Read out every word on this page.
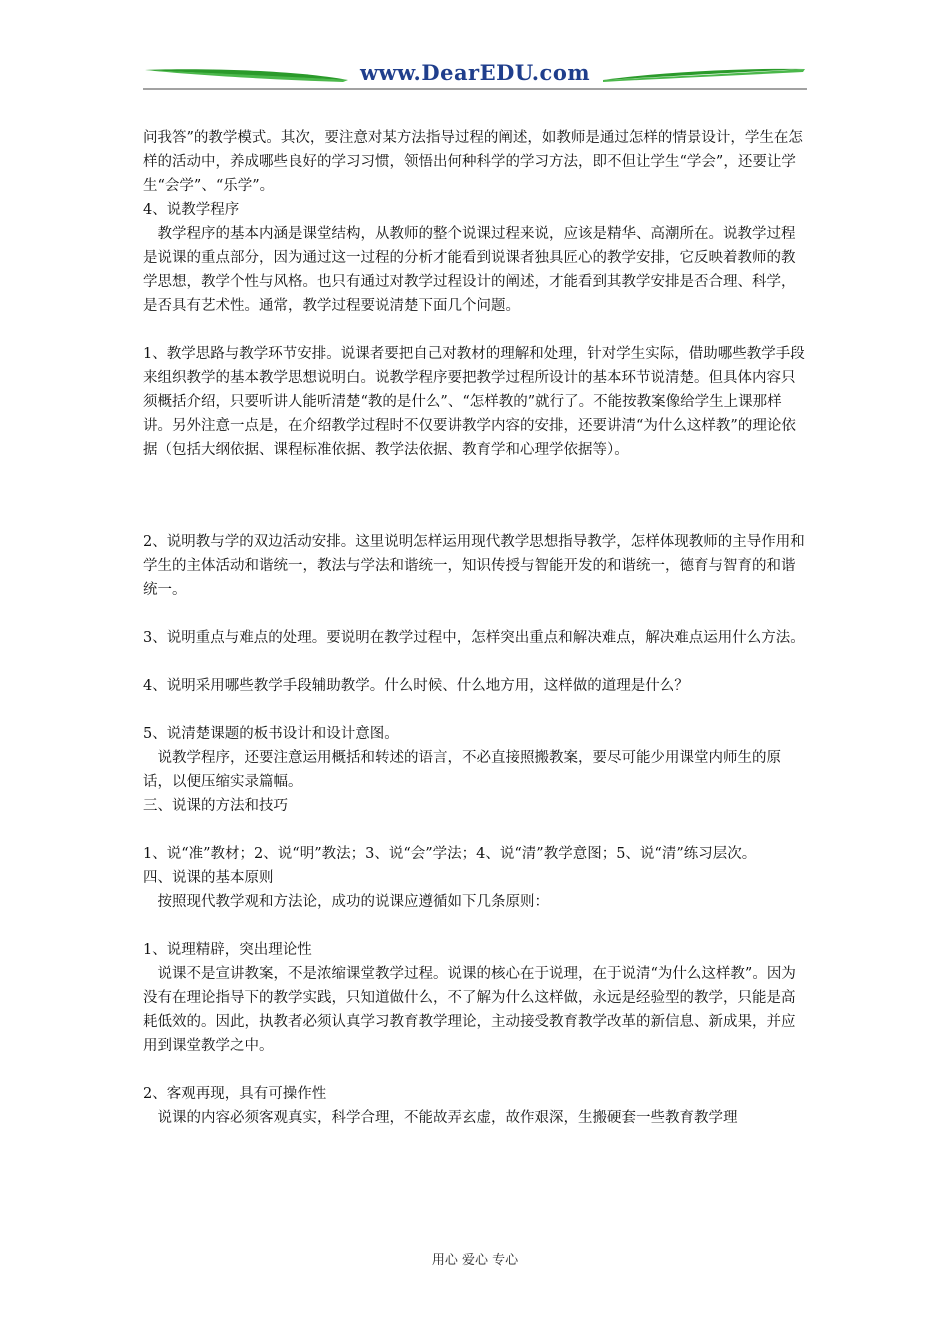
www.DearEDU.com

问我答”的教学模式。其次，要注意对某方法指导过程的阐述，如教师是通过怎样的情景设计，学生在怎样的活动中，养成哪些良好的学习习惯，领悟出何种科学的学习方法，即不但让学生“学会”，还要让学生“会学”、“乐学”。

4、说教学程序

教学程序的基本内涵是课堂结构，从教师的整个说课过程来说，应该是精华、高潮所在。说教学过程是说课的重点部分，因为通过这一过程的分析才能看到说课者独具匠心的教学安排，它反映着教师的教学思想，教学个性与风格。也只有通过对教学过程设计的阐述，才能看到其教学安排是否合理、科学，是否具有艺术性。通常，教学过程要说清楚下面几个问题。

1、教学思路与教学环节安排。说课者要把自己对教材的理解和处理，针对学生实际，借助哪些教学手段来组织教学的基本教学思想说明白。说教学程序要把教学过程所设计的基本环节说清楚。但具体内容只须概括介绍，只要听讲人能听清楚“教的是什么”、“怎样教的”就行了。不能按教案像给学生上课那样讲。另外注意一点是，在介绍教学过程时不仅要讲教学内容的安排，还要讲清“为什么这样教”的理论依据（包括大纲依据、课程标准依据、教学法依据、教育学和心理学依据等）。

2、说明教与学的双边活动安排。这里说明怎样运用现代教学思想指导教学，怎样体现教师的主导作用和学生的主体活动和谐统一，教法与学法和谐统一，知识传授与智能开发的和谐统一，德育与智育的和谐统一。

3、说明重点与难点的处理。要说明在教学过程中，怎样突出重点和解决难点，解决难点运用什么方法。

4、说明采用哪些教学手段辅助教学。什么时候、什么地方用，这样做的道理是什么？

5、说清楚课题的板书设计和设计意图。

说教学程序，还要注意运用概括和转述的语言，不必直接照搬教案，要尽可能少用课堂内师生的原话，以便压缩实录篇幅。

三、说课的方法和技巧

1、说“准”教材；2、说“明”教法；3、说“会”学法；4、说“清”教学意图；5、说“清”练习层次。

四、说课的基本原则

按照现代教学观和方法论，成功的说课应遵循如下几条原则：

1、说理精辟，突出理论性

说课不是宣讲教案，不是浓缩课堂教学过程。说课的核心在于说理，在于说清“为什么这样教”。因为没有在理论指导下的教学实践，只知道做什么，不了解为什么这样做，永远是经验型的教学，只能是高耗低效的。因此，执教者必须认真学习教育教学理论，主动接受教育教学改革的新信息、新成果，并应用到课堂教学之中。

2、客观再现，具有可操作性

说课的内容必须客观真实，科学合理，不能故弄玄虚，故作艰深，生搬硬套一些教育教学理

用心 爱心 专心
